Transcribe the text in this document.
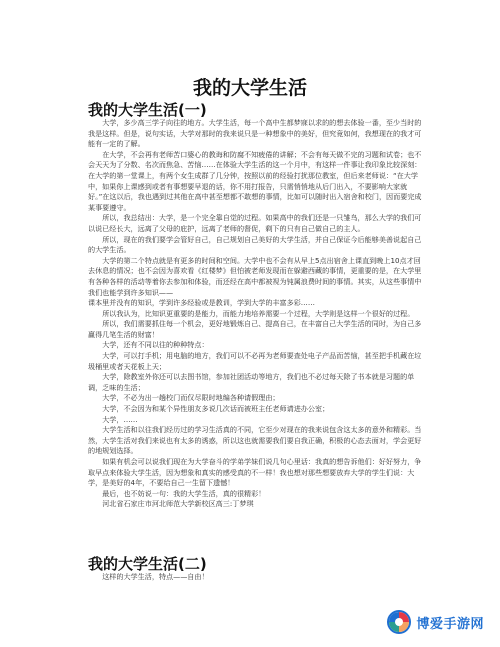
我的大学生活
我的大学生活(一)

大学，多少高三学子向往的地方。大学生活，每一个高中生都梦寐以求的的想去体验一番，至少当时的我是这样。但是，说句实话，大学对那时的我来说只是一种想象中的美好，但究竟如何，我想现在的我才可能有一定的了解。

在大学，不会再有老师苦口婆心的教诲和防腐不知疲倦的讲解；不会有每天做不完的习题和试卷；也不会天天为了分数、名次而焦急、苦恼……在体验大学生活的这一个月中，有这样一件事让我印象比较深刻：在大学的第一堂课上，有两个女生成群了几分钟，按照以前的经验打扰那位教室，但后来老师说：“在大学中，如果你上课感到或者有事想要早退的话，你不用打报告，只需悄悄地从后门出入，不要影响大家就好。”在这以后，我也遇到过其他在高中甚至想都不敢想的事情，比如可以随时出入宿舍和校门，因而要完成某事要遵守。

所以，我总结出：大学，是一个完全靠自觉的过程。如果高中的我们还是一只雏鸟，那么大学的我们可以说已经长大，远离了父母的庇护，远离了老师的督促，剩下的只有自己做自己的主人。

所以，现在的我们要学会管好自己，自己规划自己美好的大学生活，并自己保证今后能够美善说起自己的大学生活。

大学的第二个特点就是有更多的时间和空间。大学中也不会有从早上5点出宿舍上课直到晚上10点才回去休息的情况；也不会因为喜欢看《红楼梦》但怕被老师发现而在躲避西藏的事情，更重要的是，在大学里有各种各样的活动等着你去参加和体验，而还经在高中都被视为钝属浪费时间的事情。其实，从这些事情中我们也能学到许多知识——

课本里并没有的知识，学到许多经验或是教训，学到大学的丰富多彩……

所以我认为，比知识更重要的是能力，而能力地培养需要一个过程，大学则是这样一个很好的过程。

所以，我们需要抓住每一个机会，更好地锻炼自己、提高自己，在丰富自己大学生活的同时，为自己多赢得几笔生活的财富！

大学，还有不同以往的种种特点：

大学，可以打手机；用电脑的地方，我们可以不必再为老师要查处电子产品而苦恼，甚至把手机藏在垃圾桶里或者天花板上天；

大学，除教室外你还可以去图书馆，参加社团活动等地方，我们也不必过每天除了书本就是习题的单调，乏味的生活；

大学，不必为出一趟校门而仅尽限时地编各种请假理由；

大学，不会因为和某个异性朋友多说几次话而被班主任老师请进办公室；

大学，……

大学生活和以往我们经历过的学习生活真的不同，它至少对现在的我来说包含这太多的意外和精彩。当然，大学生活对我们来说也有太多的诱惑，所以这也就需要我们要自我正确，积极的心态去面对，学会更好的地规划选择。

如果有机会可以说我们现在为大学奋斗的学弟学妹们说几句心里话：我真的想告诉他们：好好努力，争取早点来体验大学生活，因为想象和真实的感受真的不一样！我也想对那些想要放弃大学的学生们说：大学，是美好的4年，不要给自己一生留下遗憾！

最后，也不妨说一句：我的大学生活，真的很精彩！

河北省石家庄市河北师范大学新校区高三:丁梦琪

我的大学生活(二)

这样的大学生活，特点——自由！

博爱手游网
